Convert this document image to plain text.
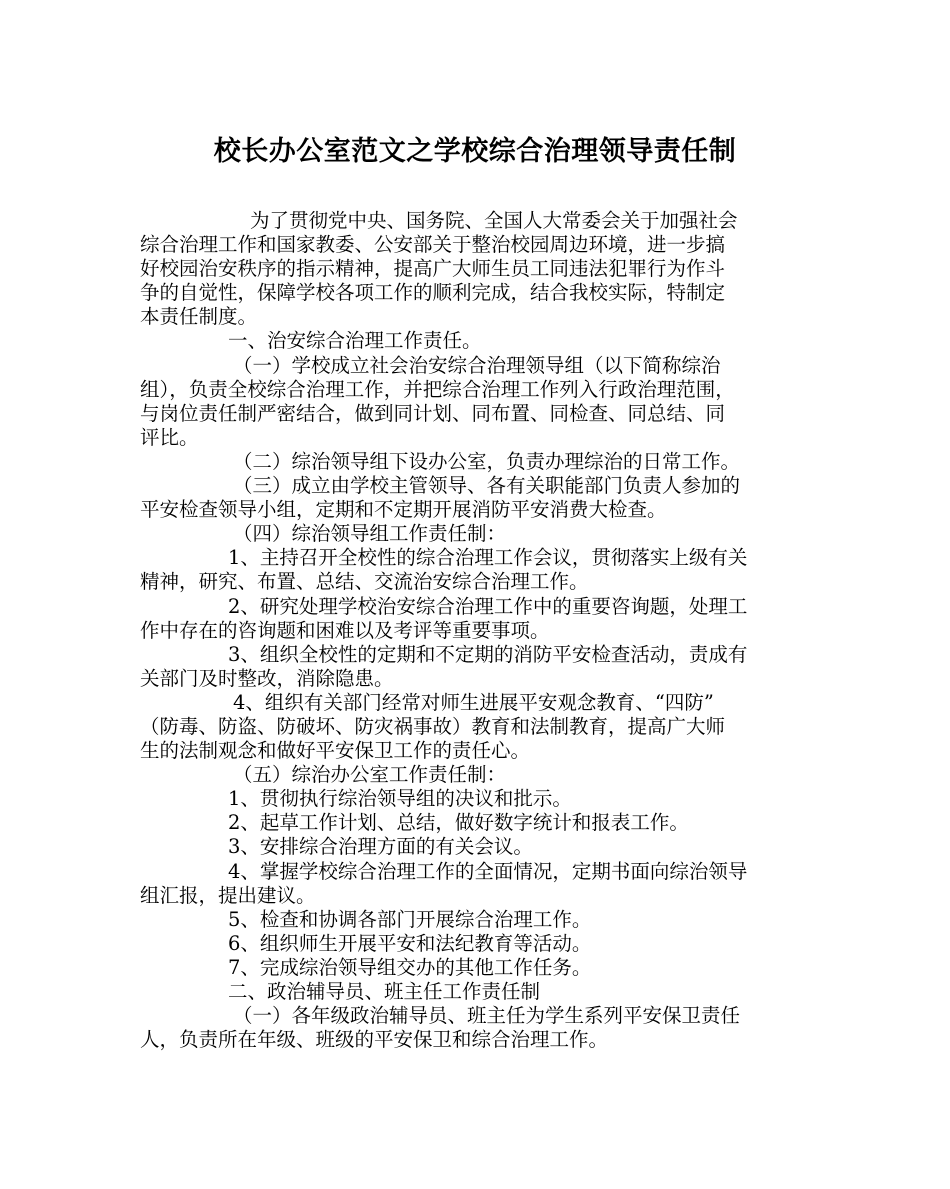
校长办公室范文之学校综合治理领导责任制
为了贯彻党中央、国务院、全国人大常委会关于加强社会
综合治理工作和国家教委、公安部关于整治校园周边环境，进一步搞
好校园治安秩序的指示精神，提高广大师生员工同违法犯罪行为作斗
争的自觉性，保障学校各项工作的顺利完成，结合我校实际，特制定
本责任制度。
一、治安综合治理工作责任。
（一）学校成立社会治安综合治理领导组（以下简称综治
组），负责全校综合治理工作，并把综合治理工作列入行政治理范围，
与岗位责任制严密结合，做到同计划、同布置、同检查、同总结、同
评比。
（二）综治领导组下设办公室，负责办理综治的日常工作。
（三）成立由学校主管领导、各有关职能部门负责人参加的
平安检查领导小组，定期和不定期开展消防平安消费大检查。
（四）综治领导组工作责任制：
1、主持召开全校性的综合治理工作会议，贯彻落实上级有关
精神，研究、布置、总结、交流治安综合治理工作。
2、研究处理学校治安综合治理工作中的重要咨询题，处理工
作中存在的咨询题和困难以及考评等重要事项。
3、组织全校性的定期和不定期的消防平安检查活动，责成有
关部门及时整改，消除隐患。
4、组织有关部门经常对师生进展平安观念教育、“四防”
（防毒、防盗、防破坏、防灾祸事故）教育和法制教育，提高广大师
生的法制观念和做好平安保卫工作的责任心。
（五）综治办公室工作责任制：
1、贯彻执行综治领导组的决议和批示。
2、起草工作计划、总结，做好数字统计和报表工作。
3、安排综合治理方面的有关会议。
4、掌握学校综合治理工作的全面情况，定期书面向综治领导
组汇报，提出建议。
5、检查和协调各部门开展综合治理工作。
6、组织师生开展平安和法纪教育等活动。
7、完成综治领导组交办的其他工作任务。
二、政治辅导员、班主任工作责任制
（一）各年级政治辅导员、班主任为学生系列平安保卫责任
人，负责所在年级、班级的平安保卫和综合治理工作。
